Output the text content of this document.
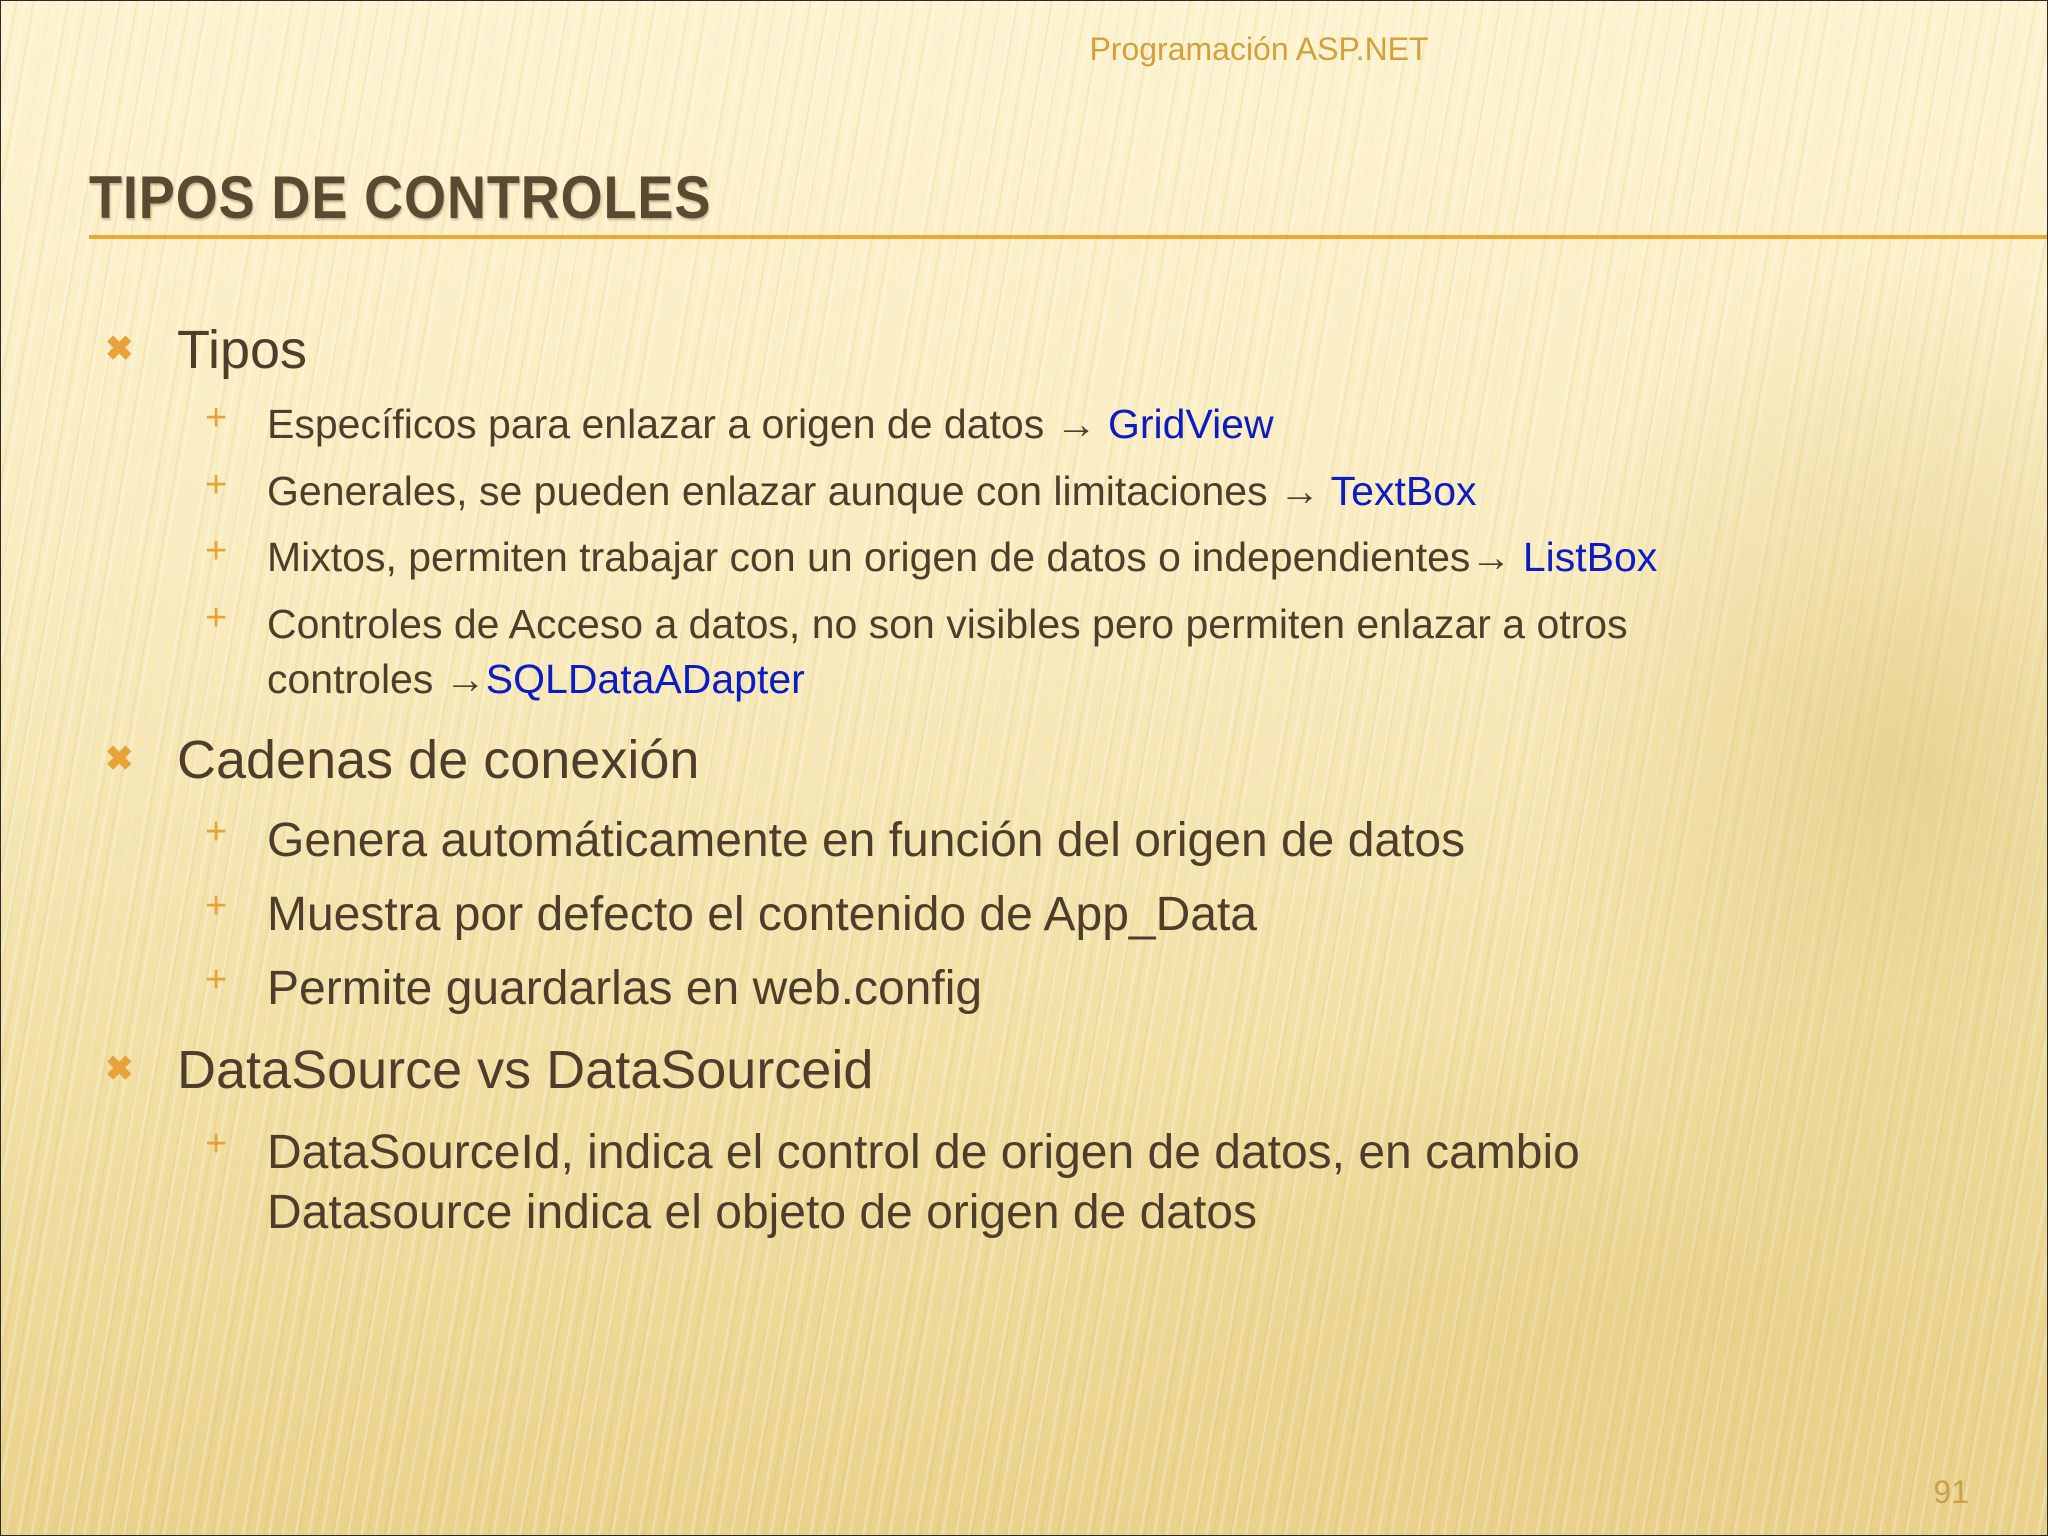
Programación ASP.NET
TIPOS DE CONTROLES
✖ Tipos
+ Específicos para enlazar a origen de datos → GridView
+ Generales, se pueden enlazar aunque con limitaciones → TextBox
+ Mixtos, permiten trabajar con un origen de datos o independientes→ ListBox
+ Controles de Acceso a datos, no son visibles pero permiten enlazar a otros
controles →SQLDataADapter
✖ Cadenas de conexión
+ Genera automáticamente en función del origen de datos
+ Muestra por defecto el contenido de App_Data
+ Permite guardarlas en web.config
✖ DataSource vs DataSourceid
+ DataSourceId, indica el control de origen de datos, en cambio
Datasource indica el objeto de origen de datos
91
